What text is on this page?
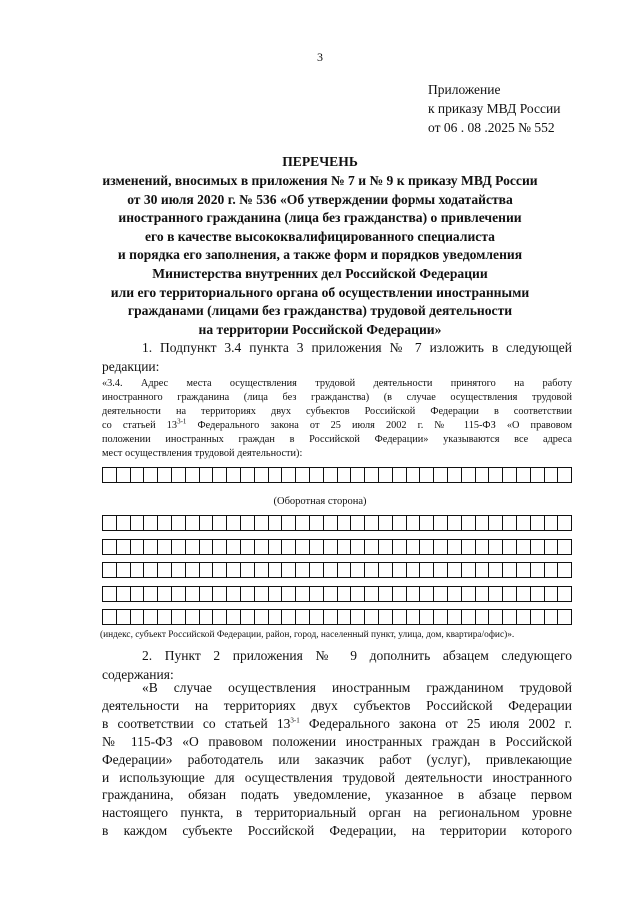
3
Приложение
к приказу МВД России
от 06 . 08 .2025 № 552
ПЕРЕЧЕНЬ
изменений, вносимых в приложения № 7 и № 9 к приказу МВД России
от 30 июля 2020 г. № 536 «Об утверждении формы ходатайства
иностранного гражданина (лица без гражданства) о привлечении
его в качестве высококвалифицированного специалиста
и порядка его заполнения, а также форм и порядков уведомления
Министерства внутренних дел Российской Федерации
или его территориального органа об осуществлении иностранными
гражданами (лицами без гражданства) трудовой деятельности
на территории Российской Федерации»
1. Подпункт 3.4 пункта 3 приложения № 7 изложить в следующей
редакции:
«3.4. Адрес места осуществления трудовой деятельности принятого на работу
иностранного гражданина (лица без гражданства) (в случае осуществления трудовой
деятельности на территориях двух субъектов Российской Федерации в соответствии
со статьей 13$^{3-1}$ Федерального закона от 25 июля 2002 г. № 115-ФЗ «О правовом
положении иностранных граждан в Российской Федерации» указываются все адреса
мест осуществления трудовой деятельности):
(Оборотная сторона)
(индекс, субъект Российской Федерации, район, город, населенный пункт, улица, дом, квартира/офис)».
2. Пункт 2 приложения № 9 дополнить абзацем следующего
содержания:
«В случае осуществления иностранным гражданином трудовой
деятельности на территориях двух субъектов Российской Федерации
в соответствии со статьей 13$^{3-1}$ Федерального закона от 25 июля 2002 г.
№ 115-ФЗ «О правовом положении иностранных граждан в Российской
Федерации» работодатель или заказчик работ (услуг), привлекающие
и использующие для осуществления трудовой деятельности иностранного
гражданина, обязан подать уведомление, указанное в абзаце первом
настоящего пункта, в территориальный орган на региональном уровне
в каждом субъекте Российской Федерации, на территории которого
